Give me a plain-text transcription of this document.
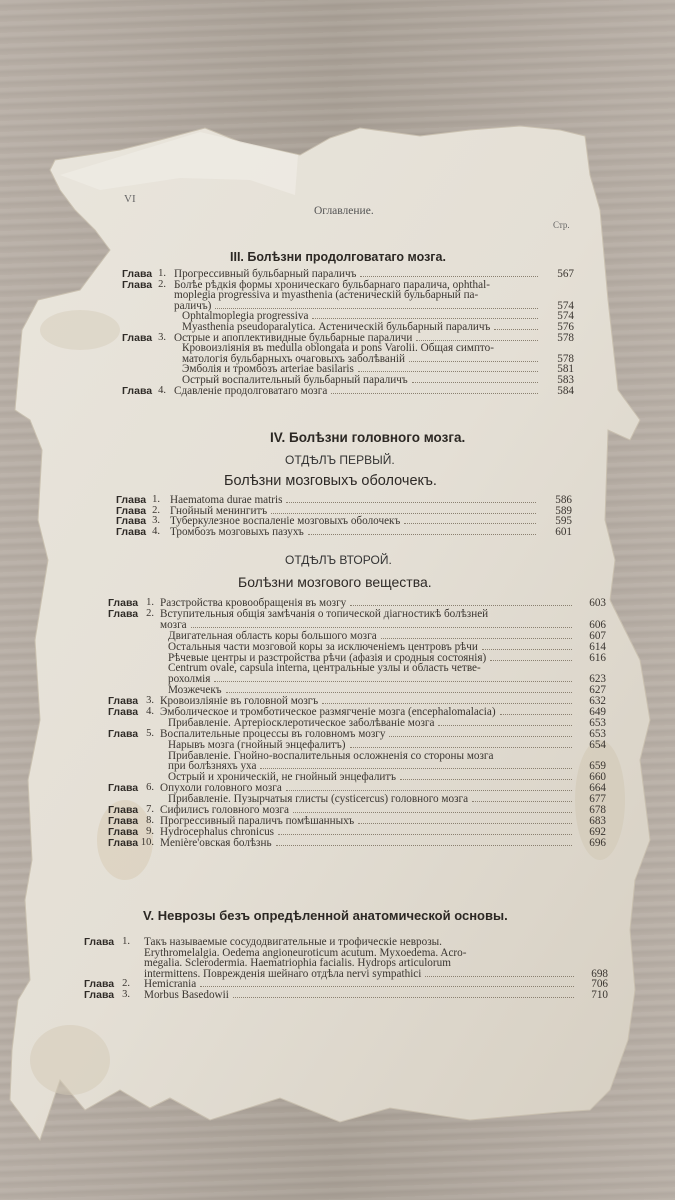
VI
Оглавление.
Стр.
III. Болѣзни продолговатаго мозга.
IV. Болѣзни головного мозга.
ОТДѢЛЪ ПЕРВЫЙ.
Болѣзни мозговыхъ оболочекъ.
ОТДѢЛЪ ВТОРОЙ.
Болѣзни мозгового вещества.
V. Неврозы безъ опредѣленной анатомической основы.
Глава 1. Прогрессивный бульбарный параличъ	567
Глава 2. Болѣе рѣдкія формы хроническаго бульбарнаго паралича, ophthal-
moplegia progressiva и myasthenia (астеническій бульбарный па-
раличъ)	574
Ophtalmoplegia progressiva	574
Myasthenia pseudoparalytica. Астеническій бульбарный параличъ	576
Глава 3. Острые и апоплективидные бульбарные параличи	578
Кровоизліянія въ medulla oblongata и pons Varolii. Общая симпто-
матологія бульбарныхъ очаговыхъ заболѣваній	578
Эмболія и тромбозъ arteriae basilaris	581
Острый воспалительный бульбарный параличъ	583
Глава 4. Сдавленіе продолговатаго мозга	584
Глава 1. Haematoma durae matris	586
Глава 2. Гнойный менингитъ	589
Глава 3. Туберкулезное воспаленіе мозговыхъ оболочекъ	595
Глава 4. Тромбозъ мозговыхъ пазухъ	601
Глава 1. Разстройства кровообращенія въ мозгу	603
Глава 2. Вступительныя общія замѣчанія о топической діагностикѣ болѣзней
мозга	606
Двигательная область коры большого мозга	607
Остальныя части мозговой коры за исключеніемъ центровъ рѣчи	614
Рѣчевые центры и разстройства рѣчи (афазія и сродныя состоянія)	616
Centrum ovale, capsula interna, центральные узлы и область четве-
рохолмія	623
Мозжечекъ	627
Глава 3. Кровоизліяніе въ головной мозгъ	632
Глава 4. Эмболическое и тромботическое размягченіе мозга (encephalomalacia)	649
Прибавленіе. Артеріосклеротическое заболѣваніе мозга	653
Глава 5. Воспалительные процессы въ головномъ мозгу	653
Нарывъ мозга (гнойный энцефалитъ)	654
Прибавленіе. Гнойно-воспалительныя осложненія со стороны мозга
при болѣзняхъ уха	659
Острый и хроническій, не гнойный энцефалитъ	660
Глава 6. Опухоли головного мозга	664
Прибавленіе. Пузырчатыя глисты (cysticercus) головного мозга	677
Глава 7. Сифилисъ головного мозга	678
Глава 8. Прогрессивный параличъ помѣшанныхъ	683
Глава 9. Hydrocephalus chronicus	692
Глава 10. Menière'овская болѣзнь	696
Глава 1. Такъ называемые сосудодвигательные и трофическіе неврозы.
Erythromelalgia. Oedema angioneuroticum acutum. Myxoedema. Acro-
megalia. Sclerodermia. Haematriophia facialis. Hydrops articulorum
intermittens. Поврежденія шейнаго отдѣла nervi sympathici	698
Глава 2. Hemicrania	706
Глава 3. Morbus Basedowii	710
